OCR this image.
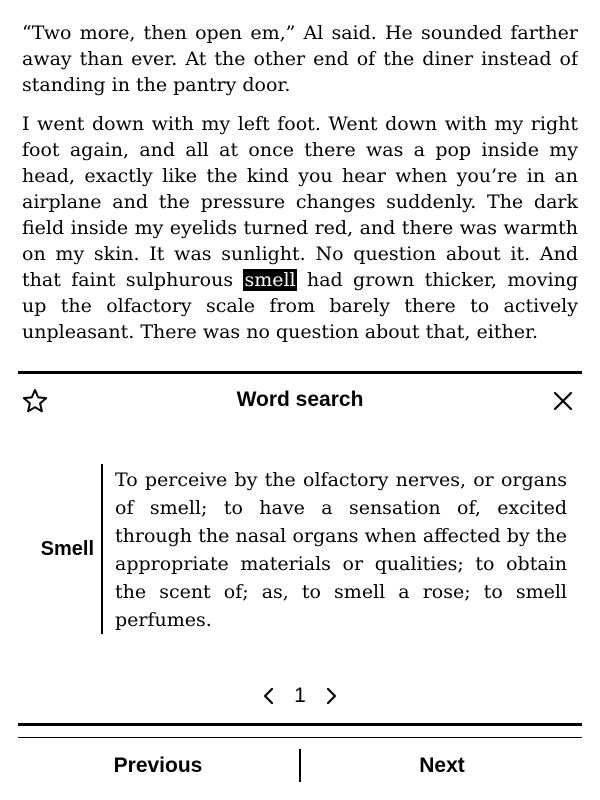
“Two more, then open em,” Al said. He sounded farther away than ever. At the other end of the diner instead of standing in the pantry door.

I went down with my left foot. Went down with my right foot again, and all at once there was a pop inside my head, exactly like the kind you hear when you’re in an airplane and the pressure changes suddenly. The dark field inside my eyelids turned red, and there was warmth on my skin. It was sunlight. No question about it. And that faint sulphurous smell had grown thicker, moving up the olfactory scale from barely there to actively unpleasant. There was no question about that, either.

Word search
Smell
To perceive by the olfactory nerves, or organs of smell; to have a sensation of, excited through the nasal organs when affected by the appropriate materials or qualities; to obtain the scent of; as, to smell a rose; to smell perfumes.
1
Previous	Next
